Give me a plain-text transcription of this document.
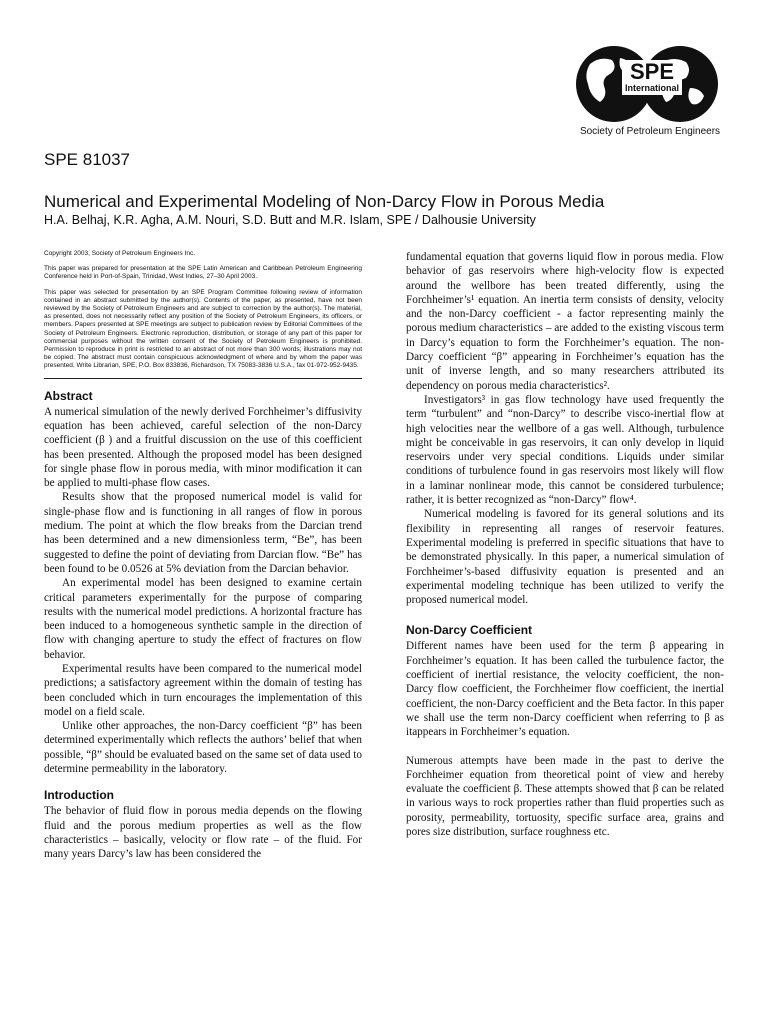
SPE
International
Society of Petroleum Engineers
SPE 81037
Numerical and Experimental Modeling of Non-Darcy Flow in Porous Media
H.A. Belhaj, K.R. Agha, A.M. Nouri, S.D. Butt and M.R. Islam, SPE / Dalhousie University

Copyright 2003, Society of Petroleum Engineers Inc.

This paper was prepared for presentation at the SPE Latin American and Caribbean Petroleum Engineering Conference held in Port-of-Spain, Trinidad, West Indies, 27–30 April 2003.

This paper was selected for presentation by an SPE Program Committee following review of information contained in an abstract submitted by the author(s). Contents of the paper, as presented, have not been reviewed by the Society of Petroleum Engineers and are subject to correction by the author(s). The material, as presented, does not necessarily reflect any position of the Society of Petroleum Engineers, its officers, or members. Papers presented at SPE meetings are subject to publication review by Editorial Committees of the Society of Petroleum Engineers. Electronic reproduction, distribution, or storage of any part of this paper for commercial purposes without the written consent of the Society of Petroleum Engineers is prohibited. Permission to reproduce in print is restricted to an abstract of not more than 300 words; illustrations may not be copied. The abstract must contain conspicuous acknowledgment of where and by whom the paper was presented. Write Librarian, SPE, P.O. Box 833836, Richardson, TX 75083-3836 U.S.A., fax 01-972-952-9435.

Abstract

A numerical simulation of the newly derived Forchheimer’s diffusivity equation has been achieved, careful selection of the non-Darcy coefficient (β ) and a fruitful discussion on the use of this coefficient has been presented. Although the proposed model has been designed for single phase flow in porous media, with minor modification it can be applied to multi-phase flow cases.

Results show that the proposed numerical model is valid for single-phase flow and is functioning in all ranges of flow in porous medium. The point at which the flow breaks from the Darcian trend has been determined and a new dimensionless term, “Be”, has been suggested to define the point of deviating from Darcian flow. “Be” has been found to be 0.0526 at 5% deviation from the Darcian behavior.

An experimental model has been designed to examine certain critical parameters experimentally for the purpose of comparing results with the numerical model predictions. A horizontal fracture has been induced to a homogeneous synthetic sample in the direction of flow with changing aperture to study the effect of fractures on flow behavior.

Experimental results have been compared to the numerical model predictions; a satisfactory agreement within the domain of testing has been concluded which in turn encourages the implementation of this model on a field scale.

Unlike other approaches, the non-Darcy coefficient “β” has been determined experimentally which reflects the authors’ belief that when possible, “β” should be evaluated based on the same set of data used to determine permeability in the laboratory.

Introduction

The behavior of fluid flow in porous media depends on the flowing fluid and the porous medium properties as well as the flow characteristics – basically, velocity or flow rate – of the fluid. For many years Darcy’s law has been considered the

fundamental equation that governs liquid flow in porous media. Flow behavior of gas reservoirs where high-velocity flow is expected around the wellbore has been treated differently, using the Forchheimer’s¹ equation. An inertia term consists of density, velocity and the non-Darcy coefficient - a factor representing mainly the porous medium characteristics – are added to the existing viscous term in Darcy’s equation to form the Forchheimer’s equation. The non-Darcy coefficient “β” appearing in Forchheimer’s equation has the unit of inverse length, and so many researchers attributed its dependency on porous media characteristics².

Investigators³ in gas flow technology have used frequently the term “turbulent” and “non-Darcy” to describe visco-inertial flow at high velocities near the wellbore of a gas well. Although, turbulence might be conceivable in gas reservoirs, it can only develop in liquid reservoirs under very special conditions. Liquids under similar conditions of turbulence found in gas reservoirs most likely will flow in a laminar nonlinear mode, this cannot be considered turbulence; rather, it is better recognized as “non-Darcy” flow⁴.

Numerical modeling is favored for its general solutions and its flexibility in representing all ranges of reservoir features. Experimental modeling is preferred in specific situations that have to be demonstrated physically. In this paper, a numerical simulation of Forchheimer’s-based diffusivity equation is presented and an experimental modeling technique has been utilized to verify the proposed numerical model.

Non-Darcy Coefficient

Different names have been used for the term β appearing in Forchheimer’s equation. It has been called the turbulence factor, the coefficient of inertial resistance, the velocity coefficient, the non-Darcy flow coefficient, the Forchheimer flow coefficient, the inertial coefficient, the non-Darcy coefficient and the Beta factor. In this paper we shall use the term non-Darcy coefficient when referring to β as itappears in Forchheimer’s equation.

Numerous attempts have been made in the past to derive the Forchheimer equation from theoretical point of view and hereby evaluate the coefficient β. These attempts showed that β can be related in various ways to rock properties rather than fluid properties such as porosity, permeability, tortuosity, specific surface area, grains and pores size distribution, surface roughness etc.
